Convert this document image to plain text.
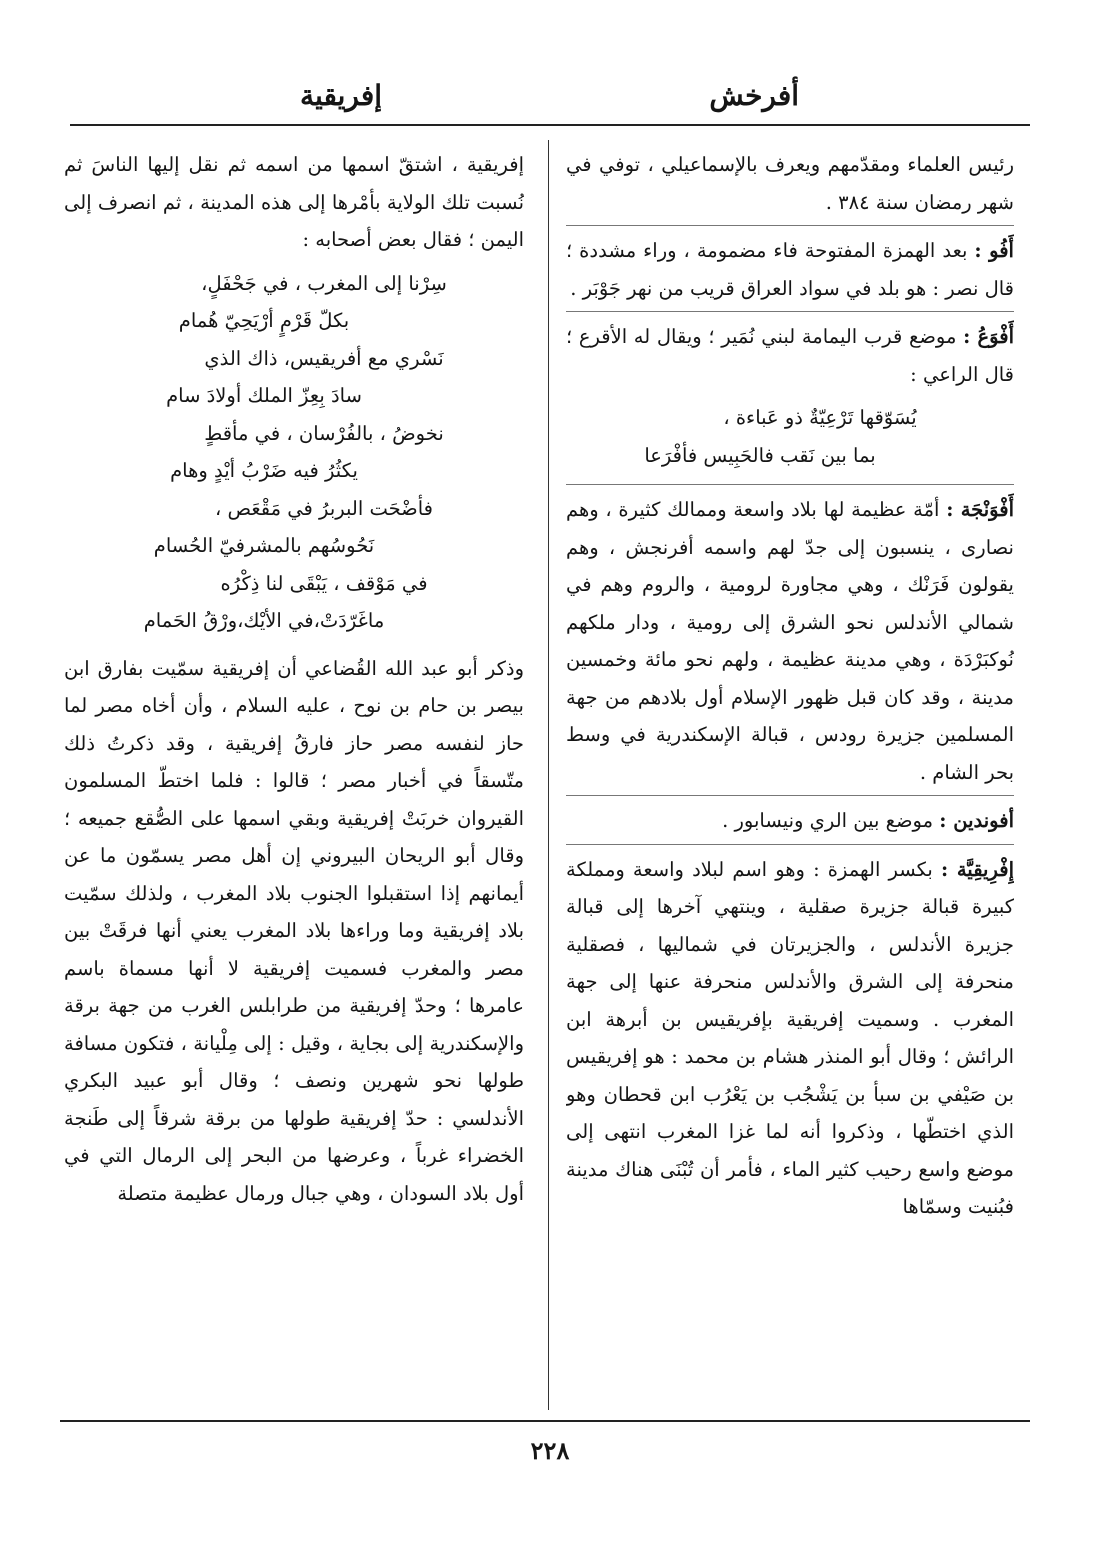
أفرخش
إفريقية

رئيس العلماء ومقدّمهم ويعرف بالإسماعيلي ، توفي في شهر رمضان سنة ٣٨٤ .

أَفُو : بعد الهمزة المفتوحة فاء مضمومة ، وراء مشددة ؛ قال نصر : هو بلد في سواد العراق قريب من نهر جَوْبَر .

أَفْوَعُ : موضع قرب اليمامة لبني نُمَير ؛ ويقال له الأقرع ؛ قال الراعي :

يُسَوّقها تَرْعِيّةٌ ذو عَباءة ،
بما بين نَقب فالحَبِيس فأفْرَعا

أَفْوَنْجَة : أمّة عظيمة لها بلاد واسعة وممالك كثيرة ، وهم نصارى ، ينسبون إلى جدّ لهم واسمه أفرنجش ، وهم يقولون فَرَنْك ، وهي مجاورة لرومية ، والروم وهم في شمالي الأندلس نحو الشرق إلى رومية ، ودار ملكهم نُوكبَرْدَة ، وهي مدينة عظيمة ، ولهم نحو مائة وخمسين مدينة ، وقد كان قبل ظهور الإسلام أول بلادهم من جهة المسلمين جزيرة رودس ، قبالة الإسكندرية في وسط بحر الشام .

أفوندين : موضع بين الري ونيسابور .

إِفْرِيقِيَّة : بكسر الهمزة : وهو اسم لبلاد واسعة ومملكة كبيرة قبالة جزيرة صقلية ، وينتهي آخرها إلى قبالة جزيرة الأندلس ، والجزيرتان في شماليها ، فصقلية منحرفة إلى الشرق والأندلس منحرفة عنها إلى جهة المغرب . وسميت إفريقية بإفريقيس بن أبرهة ابن الرائش ؛ وقال أبو المنذر هشام بن محمد : هو إفريقيس بن صَيْفي بن سبأ بن يَشْجُب بن يَعْرُب ابن قحطان وهو الذي اختطّها ، وذكروا أنه لما غزا المغرب انتهى إلى موضع واسع رحيب كثير الماء ، فأمر أن تُبْنَى هناك مدينة فبُنيت وسمّاها

إفريقية ، اشتقّ اسمها من اسمه ثم نقل إليها الناسَ ثم نُسبت تلك الولاية بأمْرها إلى هذه المدينة ، ثم انصرف إلى اليمن ؛ فقال بعض أصحابه :

سِرْنا إلى المغرب ، في جَحْفَلٍ،
بكلّ قَرْمٍ أرْيَحِيّ هُمام
نَسْري مع أفريقيس، ذاك الذي
سادَ بِعِزّ الملك أولادَ سام
نخوضُ ، بالفُرْسان ، في مأقطٍ
يكثُرُ فيه ضَرْبُ أيْدٍ وهام
فأضْحَت البربرُ في مَقْعَص ،
نَحُوسُهم بالمشرفيّ الحُسام
في مَوْقف ، يَبْقَى لنا ذِكْرُه
ماغَرّدَتْ،في الأيْك،ورْقُ الحَمام

وذكر أبو عبد الله القُضاعي أن إفريقية سمّيت بفارق ابن بيصر بن حام بن نوح ، عليه السلام ، وأن أخاه مصر لما حاز لنفسه مصر حاز فارقُ إفريقية ، وقد ذكرتُ ذلك متّسقاً في أخبار مصر ؛ قالوا : فلما اختطّ المسلمون القيروان خربَتْ إفريقية وبقي اسمها على الصُّقع جميعه ؛ وقال أبو الريحان البيروني إن أهل مصر يسمّون ما عن أيمانهم إذا استقبلوا الجنوب بلاد المغرب ، ولذلك سمّيت بلاد إفريقية وما وراءها بلاد المغرب يعني أنها فرقَتْ بين مصر والمغرب فسميت إفريقية لا أنها مسماة باسم عامرها ؛ وحدّ إفريقية من طرابلس الغرب من جهة برقة والإسكندرية إلى بجاية ، وقيل : إلى مِلْيانة ، فتكون مسافة طولها نحو شهرين ونصف ؛ وقال أبو عبيد البكري الأندلسي : حدّ إفريقية طولها من برقة شرقاً إلى طَنجة الخضراء غرباً ، وعرضها من البحر إلى الرمال التي في أول بلاد السودان ، وهي جبال ورمال عظيمة متصلة

٢٢٨
